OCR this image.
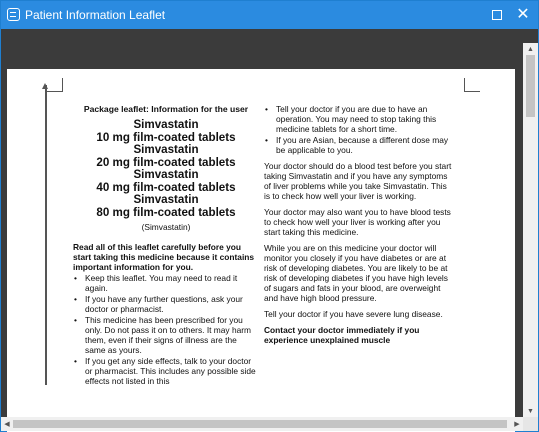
Patient Information Leaflet	✕
▲
▼
◀	▶
Package leaflet: Information for the user
Simvastatin
10 mg film-coated tablets
Simvastatin
20 mg film-coated tablets
Simvastatin
40 mg film-coated tablets
Simvastatin
80 mg film-coated tablets
(Simvastatin)
Read all of this leaflet carefully before you start taking this medicine because it contains important information for you.
• Keep this leaflet. You may need to read it again.
• If you have any further questions, ask your doctor or pharmacist.
• This medicine has been prescribed for you only. Do not pass it on to others. It may harm them, even if their signs of illness are the same as yours.
• If you get any side effects, talk to your doctor or pharmacist. This includes any possible side effects not listed in this
• Tell your doctor if you are due to have an operation. You may need to stop taking this medicine tablets for a short time.
• If you are Asian, because a different dose may be applicable to you.
Your doctor should do a blood test before you start taking Simvastatin and if you have any symptoms of liver problems while you take Simvastatin. This is to check how well your liver is working.
Your doctor may also want you to have blood tests to check how well your liver is working after you start taking this medicine.
While you are on this medicine your doctor will monitor you closely if you have diabetes or are at risk of developing diabetes. You are likely to be at risk of developing diabetes if you have high levels of sugars and fats in your blood, are overweight and have high blood pressure.
Tell your doctor if you have severe lung disease.
Contact your doctor immediately if you experience unexplained muscle
